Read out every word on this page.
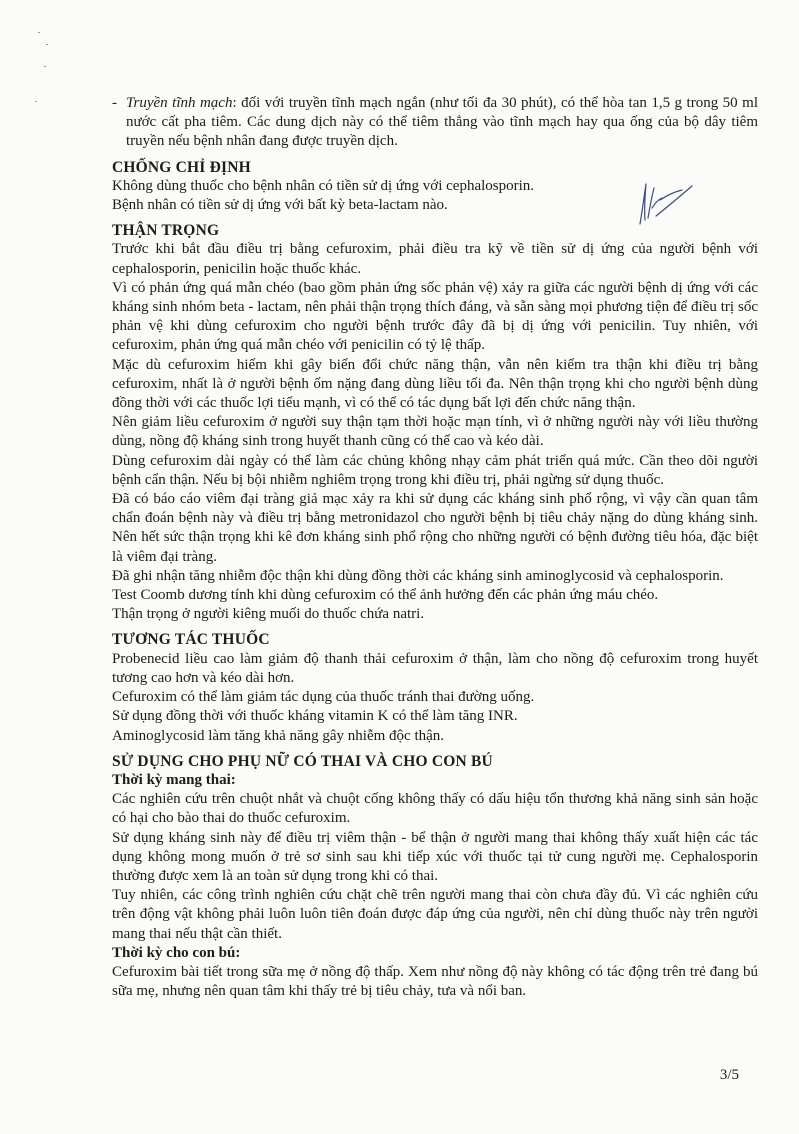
- Truyền tĩnh mạch: đối với truyền tĩnh mạch ngắn (như tối đa 30 phút), có thể hòa tan 1,5 g trong 50 ml nước cất pha tiêm. Các dung dịch này có thể tiêm thẳng vào tĩnh mạch hay qua ống của bộ dây tiêm truyền nếu bệnh nhân đang được truyền dịch.

CHỐNG CHỈ ĐỊNH

Không dùng thuốc cho bệnh nhân có tiền sử dị ứng với cephalosporin.

Bệnh nhân có tiền sử dị ứng với bất kỳ beta-lactam nào.

THẬN TRỌNG

Trước khi bắt đầu điều trị bằng cefuroxim, phải điều tra kỹ về tiền sử dị ứng của người bệnh với cephalosporin, penicilin hoặc thuốc khác.

Vì có phản ứng quá mẫn chéo (bao gồm phản ứng sốc phản vệ) xảy ra giữa các người bệnh dị ứng với các kháng sinh nhóm beta - lactam, nên phải thận trọng thích đáng, và sẵn sàng mọi phương tiện để điều trị sốc phản vệ khi dùng cefuroxim cho người bệnh trước đây đã bị dị ứng với penicilin. Tuy nhiên, với cefuroxim, phản ứng quá mẫn chéo với penicilin có tỷ lệ thấp.

Mặc dù cefuroxim hiếm khi gây biến đổi chức năng thận, vẫn nên kiểm tra thận khi điều trị bằng cefuroxim, nhất là ở người bệnh ốm nặng đang dùng liều tối đa. Nên thận trọng khi cho người bệnh dùng đồng thời với các thuốc lợi tiểu mạnh, vì có thể có tác dụng bất lợi đến chức năng thận.

Nên giảm liều cefuroxim ở người suy thận tạm thời hoặc mạn tính, vì ở những người này với liều thường dùng, nồng độ kháng sinh trong huyết thanh cũng có thể cao và kéo dài.

Dùng cefuroxim dài ngày có thể làm các chủng không nhạy cảm phát triển quá mức. Cần theo dõi người bệnh cẩn thận. Nếu bị bội nhiễm nghiêm trọng trong khi điều trị, phải ngừng sử dụng thuốc.

Đã có báo cáo viêm đại tràng giả mạc xảy ra khi sử dụng các kháng sinh phổ rộng, vì vậy cần quan tâm chẩn đoán bệnh này và điều trị bằng metronidazol cho người bệnh bị tiêu chảy nặng do dùng kháng sinh. Nên hết sức thận trọng khi kê đơn kháng sinh phổ rộng cho những người có bệnh đường tiêu hóa, đặc biệt là viêm đại tràng.

Đã ghi nhận tăng nhiễm độc thận khi dùng đồng thời các kháng sinh aminoglycosid và cephalosporin.

Test Coomb dương tính khi dùng cefuroxim có thể ảnh hưởng đến các phản ứng máu chéo.

Thận trọng ở người kiêng muối do thuốc chứa natri.

TƯƠNG TÁC THUỐC

Probenecid liều cao làm giảm độ thanh thải cefuroxim ở thận, làm cho nồng độ cefuroxim trong huyết tương cao hơn và kéo dài hơn.

Cefuroxim có thể làm giảm tác dụng của thuốc tránh thai đường uống.

Sử dụng đồng thời với thuốc kháng vitamin K có thể làm tăng INR.

Aminoglycosid làm tăng khả năng gây nhiễm độc thận.

SỬ DỤNG CHO PHỤ NỮ CÓ THAI VÀ CHO CON BÚ
Thời kỳ mang thai:

Các nghiên cứu trên chuột nhắt và chuột cống không thấy có dấu hiệu tổn thương khả năng sinh sản hoặc có hại cho bào thai do thuốc cefuroxim.

Sử dụng kháng sinh này để điều trị viêm thận - bể thận ở người mang thai không thấy xuất hiện các tác dụng không mong muốn ở trẻ sơ sinh sau khi tiếp xúc với thuốc tại tử cung người mẹ. Cephalosporin thường được xem là an toàn sử dụng trong khi có thai.

Tuy nhiên, các công trình nghiên cứu chặt chẽ trên người mang thai còn chưa đầy đủ. Vì các nghiên cứu trên động vật không phải luôn luôn tiên đoán được đáp ứng của người, nên chỉ dùng thuốc này trên người mang thai nếu thật cần thiết.

Thời kỳ cho con bú:

Cefuroxim bài tiết trong sữa mẹ ở nồng độ thấp. Xem như nồng độ này không có tác động trên trẻ đang bú sữa mẹ, nhưng nên quan tâm khi thấy trẻ bị tiêu chảy, tưa và nổi ban.

3/5
